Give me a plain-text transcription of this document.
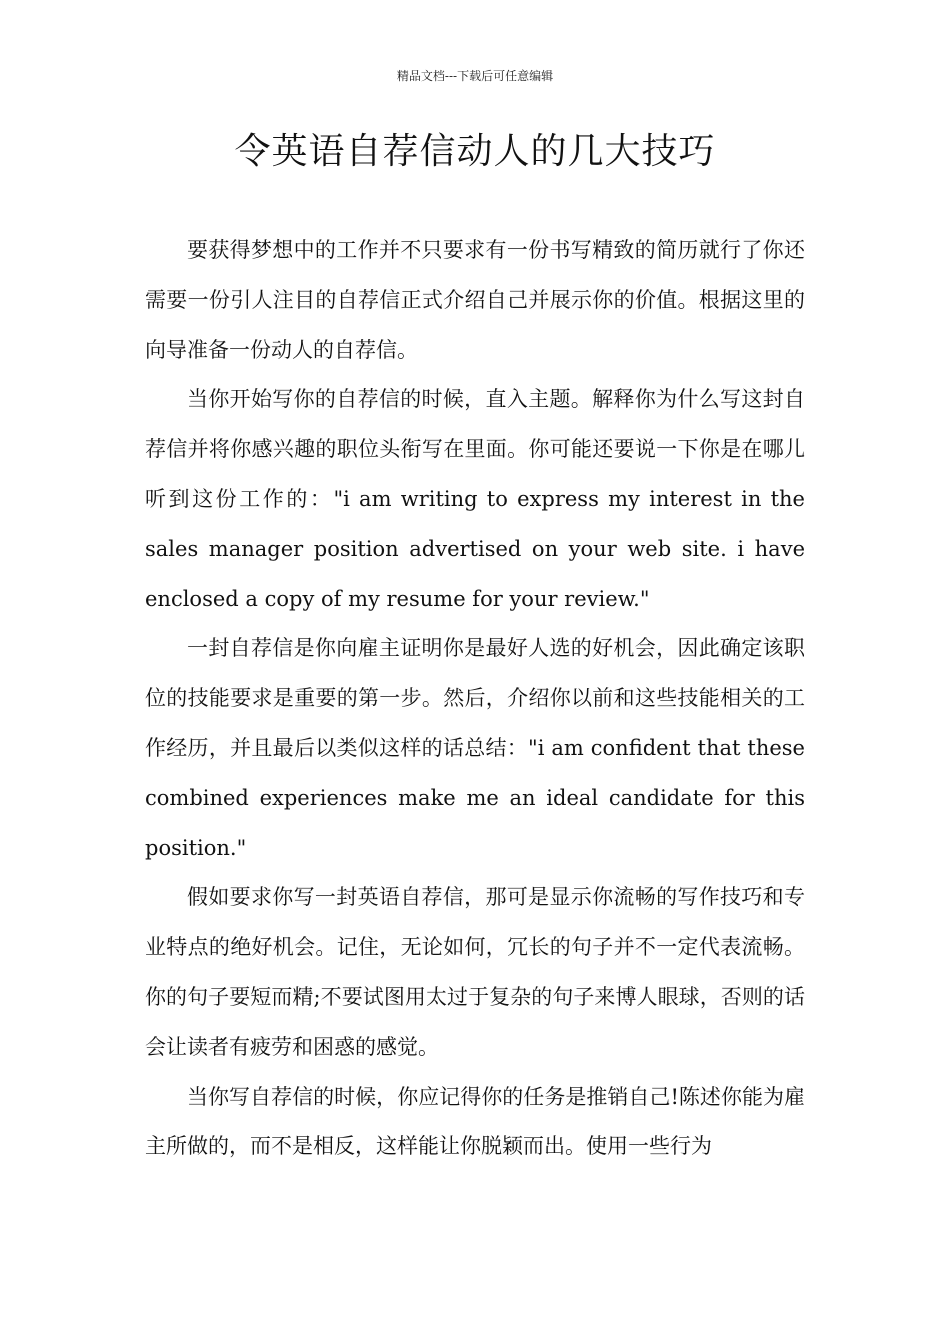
精品文档---下载后可任意编辑
令英语自荐信动人的几大技巧

要获得梦想中的工作并不只要求有一份书写精致的简历就行了你还需要一份引人注目的自荐信正式介绍自己并展示你的价值。根据这里的向导准备一份动人的自荐信。

当你开始写你的自荐信的时候，直入主题。解释你为什么写这封自荐信并将你感兴趣的职位头衔写在里面。你可能还要说一下你是在哪儿听到这份工作的："i am writing to express my interest in the sales manager position advertised on your web site. i have enclosed a copy of my resume for your review."

一封自荐信是你向雇主证明你是最好人选的好机会，因此确定该职位的技能要求是重要的第一步。然后，介绍你以前和这些技能相关的工作经历，并且最后以类似这样的话总结："i am confident that these combined experiences make me an ideal candidate for this position."

假如要求你写一封英语自荐信，那可是显示你流畅的写作技巧和专业特点的绝好机会。记住，无论如何，冗长的句子并不一定代表流畅。你的句子要短而精;不要试图用太过于复杂的句子来博人眼球，否则的话会让读者有疲劳和困惑的感觉。

当你写自荐信的时候，你应记得你的任务是推销自己!陈述你能为雇主所做的，而不是相反，这样能让你脱颖而出。使用一些行为
